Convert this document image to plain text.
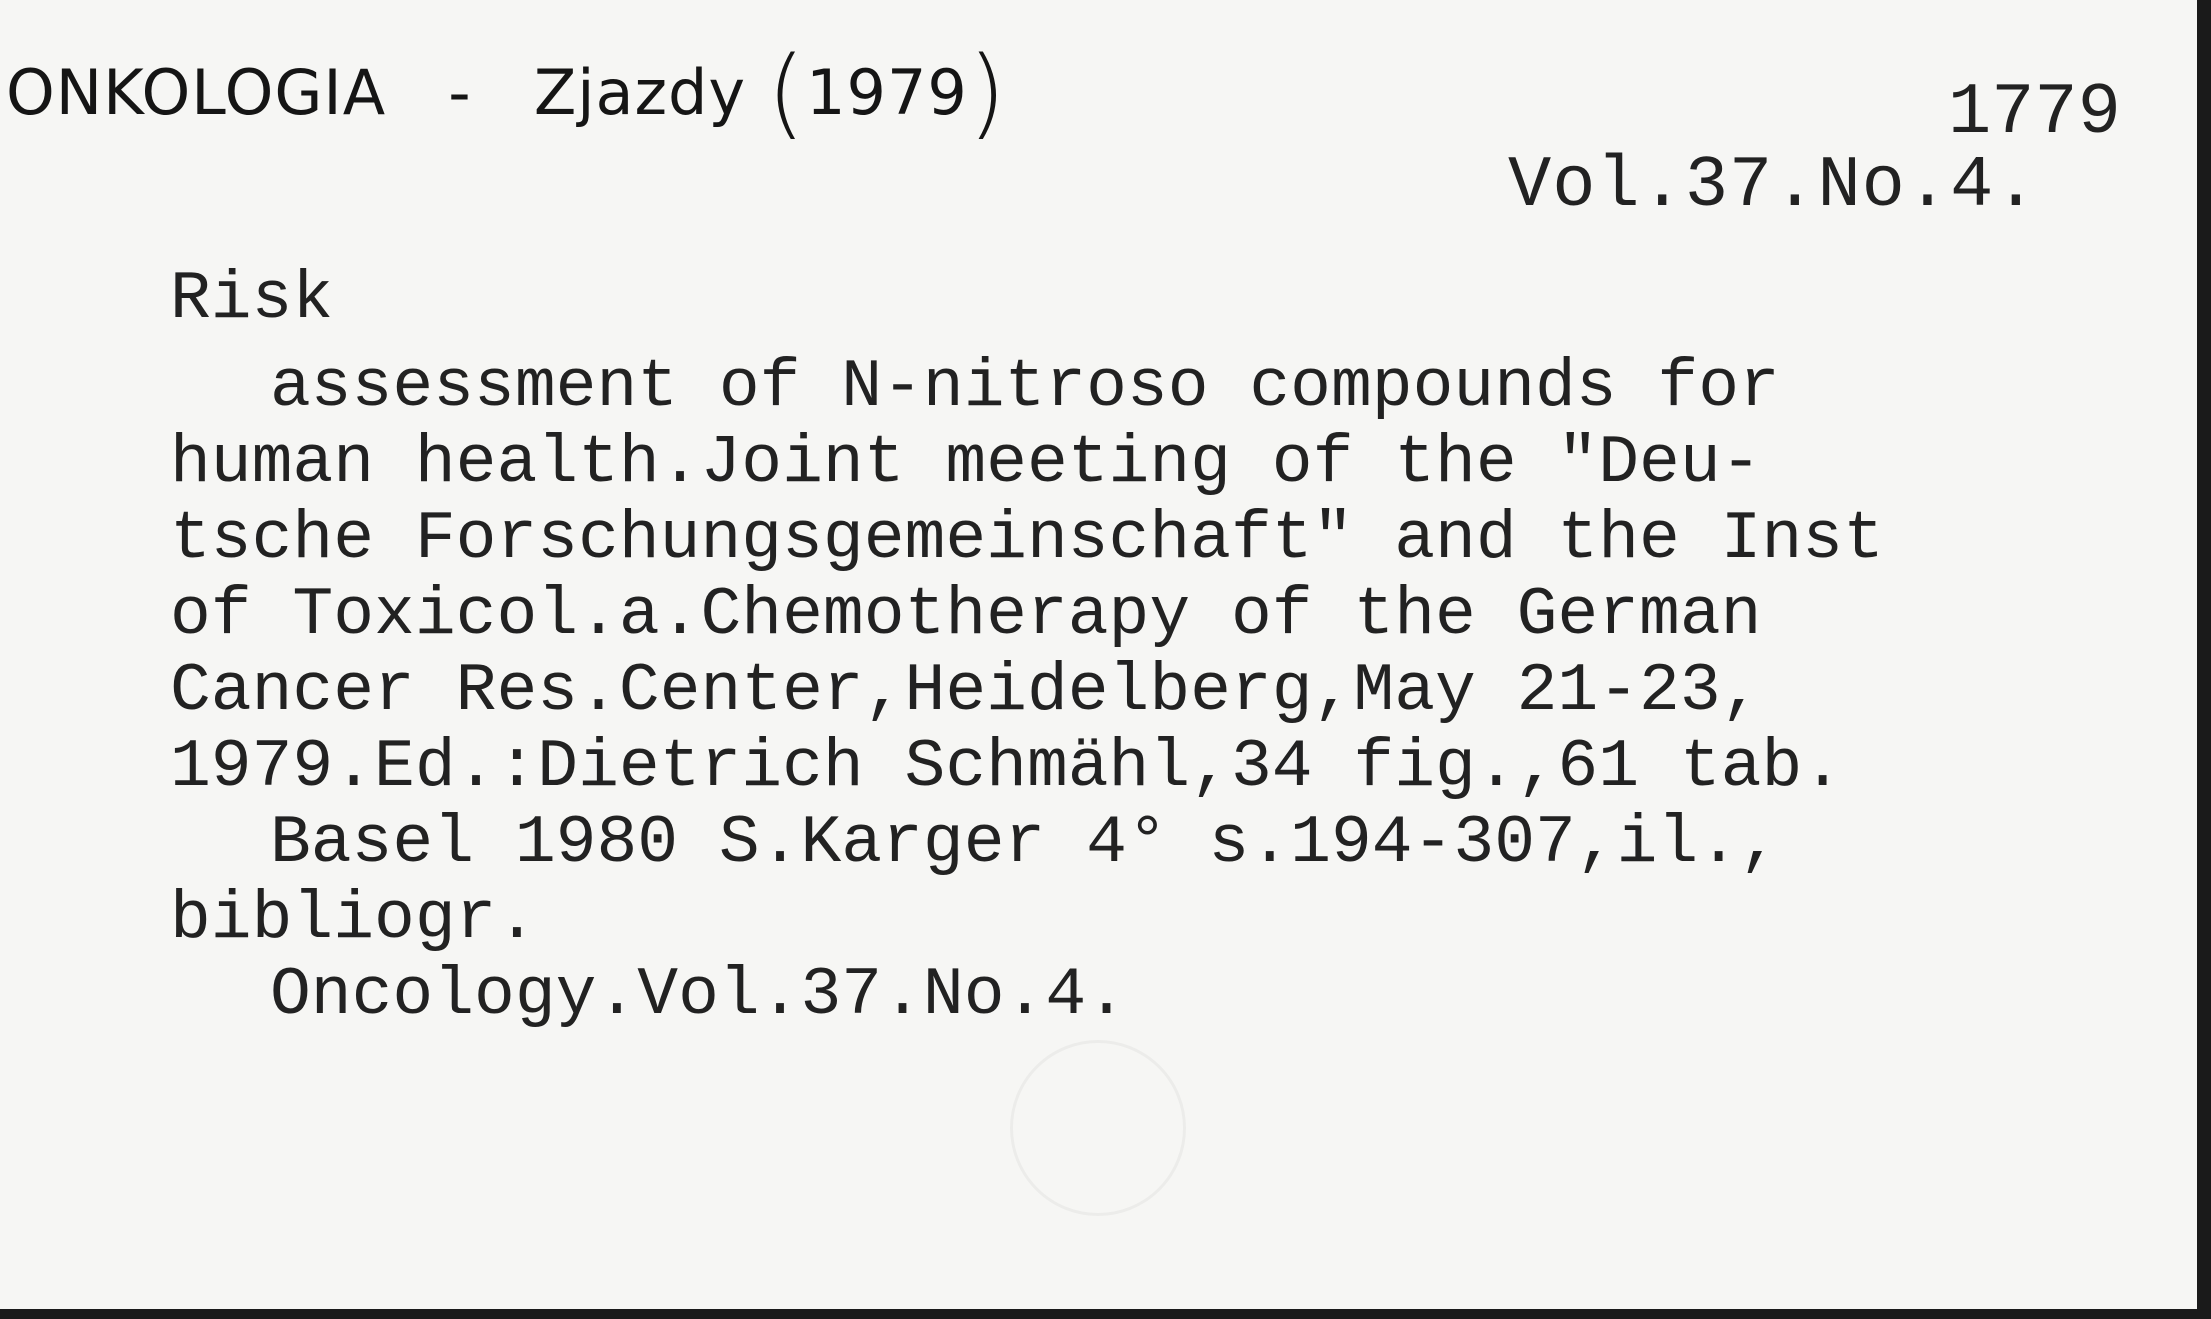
ONKOLOGIA - Zjazdy (1979)	1779
Vol.37.No.4.
Risk
assessment of N-nitroso compounds for
human health.Joint meeting of the "Deu-
tsche Forschungsgemeinschaft" and the Inst
of Toxicol.a.Chemotherapy of the German
Cancer Res.Center,Heidelberg,May 21-23,
1979.Ed.:Dietrich Schmähl,34 fig.,61 tab.
Basel 1980 S.Karger 4° s.194-307,il.,
bibliogr.
Oncology.Vol.37.No.4.
